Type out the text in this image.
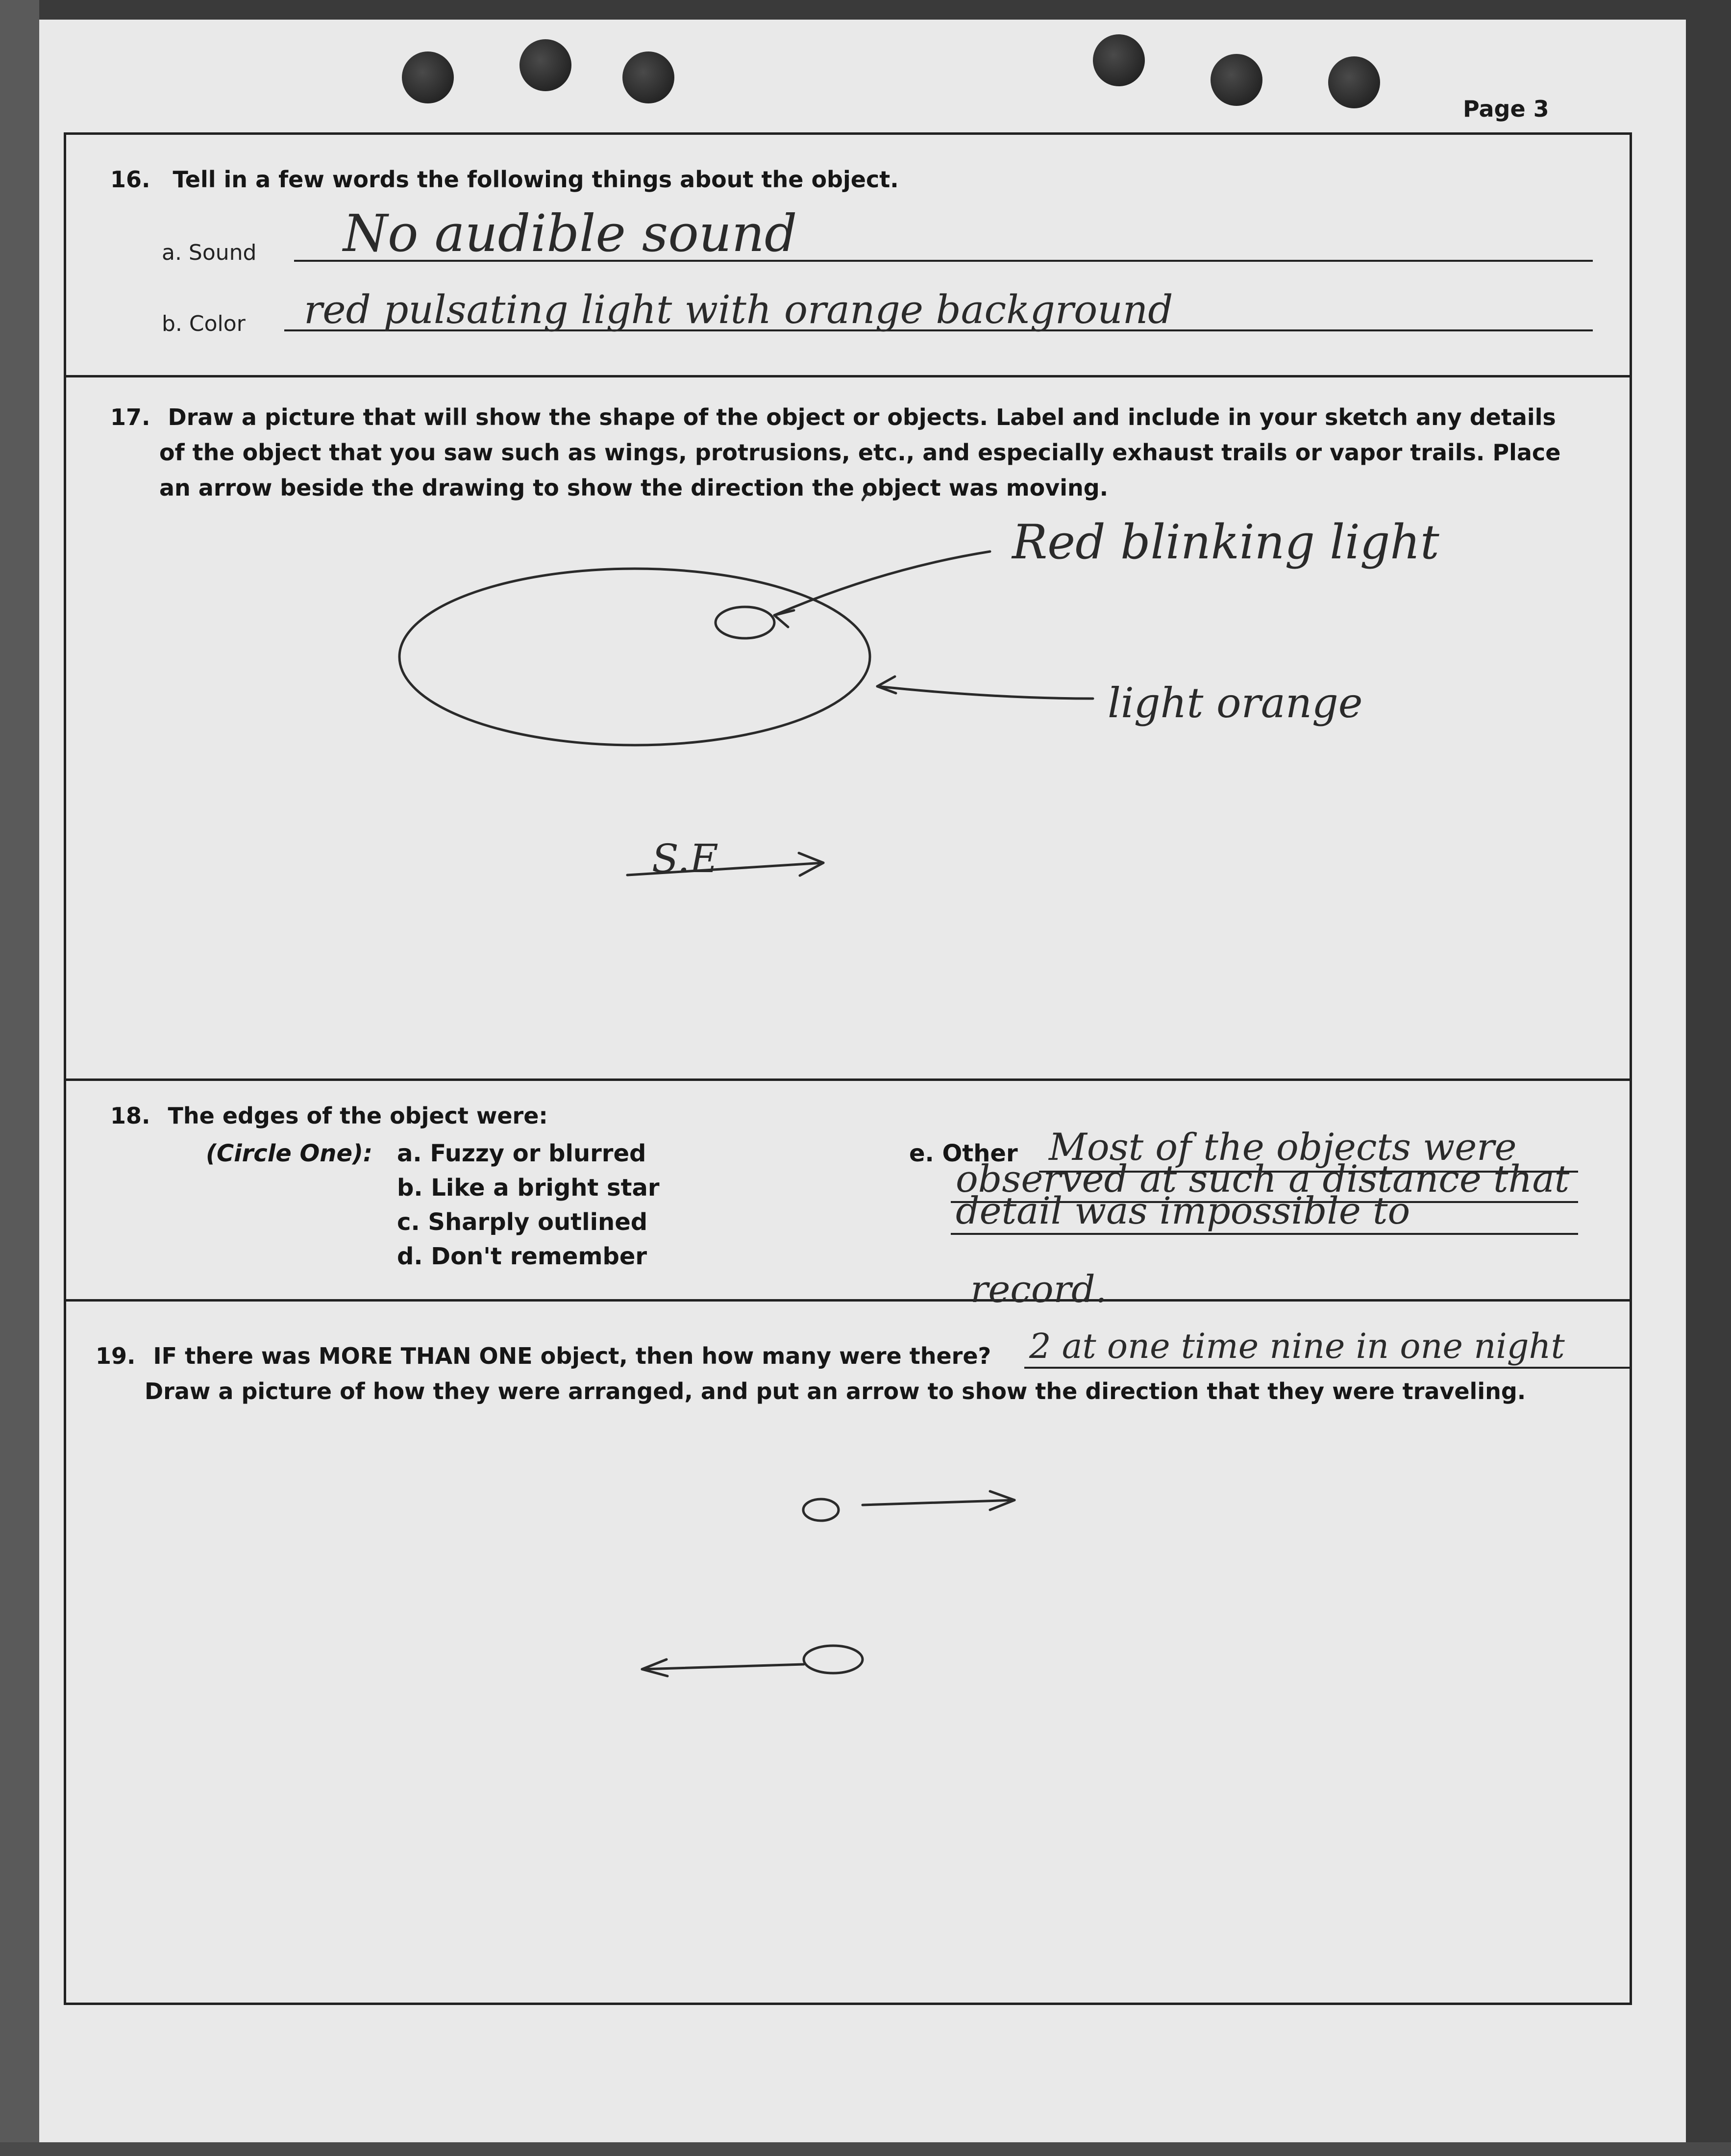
Page 3
16. Tell in a few words the following things about the object.
a. Sound No audible sound
b. Color red pulsating light with orange background
17. Draw a picture that will show the shape of the object or objects. Label and include in your sketch any details
of the object that you saw such as wings, protrusions, etc., and especially exhaust trails or vapor trails. Place
an arrow beside the drawing to show the direction the object was moving.
Red blinking light
light orange
S.E
18. The edges of the object were:
(Circle One): a. Fuzzy or blurred
b. Like a bright star
c. Sharply outlined
d. Don't remember
e. Other Most of the objects were
observed at such a distance that
detail was impossible to
record.
19. IF there was MORE THAN ONE object, then how many were there? 2 at one time nine in one night
Draw a picture of how they were arranged, and put an arrow to show the direction that they were traveling.
